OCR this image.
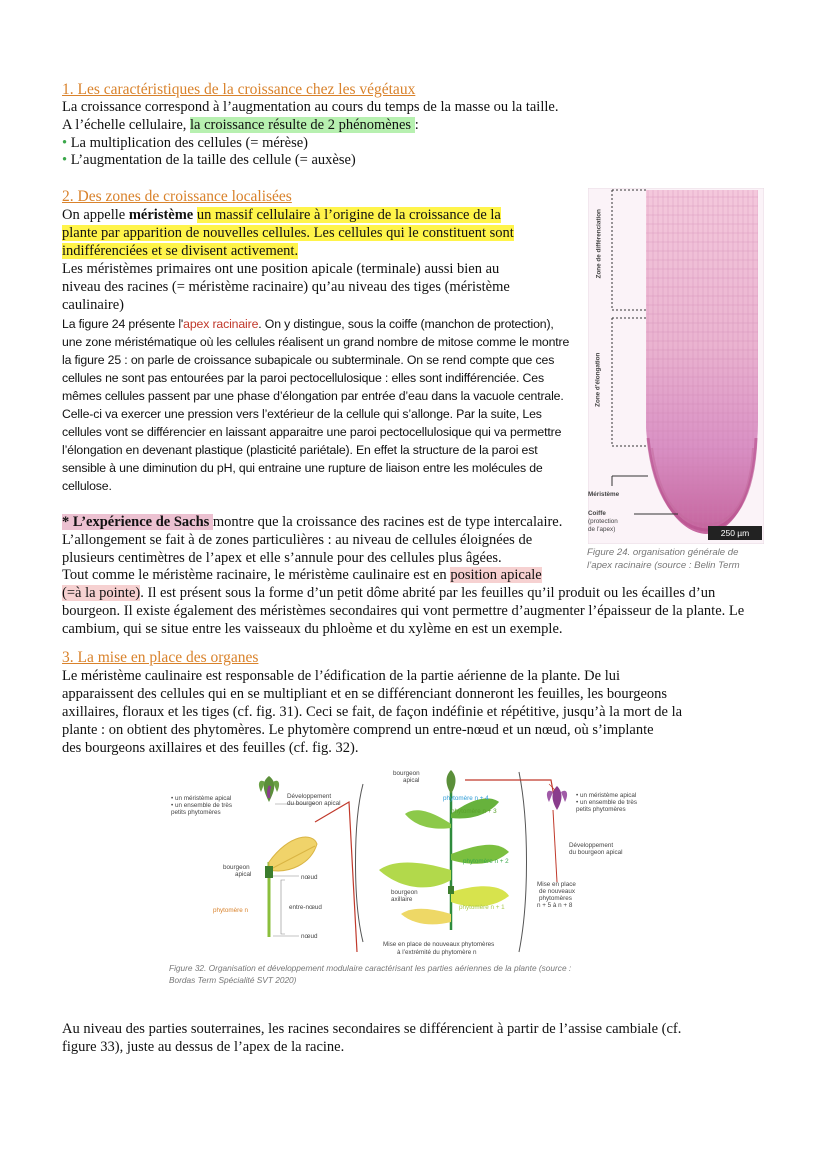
1. Les caractéristiques de la croissance chez les végétaux
La croissance correspond à l’augmentation au cours du temps de la masse ou la taille.
A l’échelle cellulaire, la croissance résulte de 2 phénomènes :
• La multiplication des cellules (= mérèse)
• L’augmentation de la taille des cellule (= auxèse)
2. Des zones de croissance localisées
On appelle méristème un massif cellulaire à l’origine de la croissance de la
plante par apparition de nouvelles cellules. Les cellules qui le constituent sont
indifférenciées et se divisent activement.
Les méristèmes primaires ont une position apicale (terminale) aussi bien au
niveau des racines (= méristème racinaire) qu’au niveau des tiges (méristème
caulinaire)
La figure 24 présente l'apex racinaire. On y distingue, sous la coiffe (manchon de protection),
une zone méristématique où les cellules réalisent un grand nombre de mitose comme le montre
la figure 25 : on parle de croissance subapicale ou subterminale. On se rend compte que ces
cellules ne sont pas entourées par la paroi pectocellulosique : elles sont indifférenciée. Ces
mêmes cellules passent par une phase d’élongation par entrée d’eau dans la vacuole centrale.
Celle-ci va exercer une pression vers l’extérieur de la cellule qui s’allonge. Par la suite, Les
cellules vont se différencier en laissant apparaitre une paroi pectocellulosique qui va permettre
l’élongation en devenant plastique (plasticité pariétale). En effet la structure de la paroi est
sensible à une diminution du pH, qui entraine une rupture de liaison entre les molécules de
cellulose.
* L’expérience de Sachs montre que la croissance des racines est de type intercalaire.
L’allongement se fait à de zones particulières : au niveau de cellules éloignées de
plusieurs centimètres de l’apex et elle s’annule pour des cellules plus âgées.
Tout comme le méristème racinaire, le méristème caulinaire est en position apicale
(=à la pointe). Il est présent sous la forme d’un petit dôme abrité par les feuilles qu’il produit ou les écailles d’un
bourgeon. Il existe également des méristèmes secondaires qui vont permettre d’augmenter l’épaisseur de la plante. Le
cambium, qui se situe entre les vaisseaux du phloème et du xylème en est un exemple.
Zone de différenciation
Zone d’élongation
Méristème
Coiffe
(protection
de l’apex)	250 µm
Figure 24. organisation générale de
l’apex racinaire (source : Belin Term
3. La mise en place des organes
Le méristème caulinaire est responsable de l’édification de la partie aérienne de la plante. De lui
apparaissent des cellules qui en se multipliant et en se différenciant donneront les feuilles, les bourgeons
axillaires, floraux et les tiges (cf. fig. 31). Ceci se fait, de façon indéfinie et répétitive, jusqu’à la mort de la
plante : on obtient des phytomères. Le phytomère comprend un entre-nœud et un nœud, où s’implante
des bourgeons axillaires et des feuilles (cf. fig. 32).
• un méristème apical
• un ensemble de très
petits phytomères
Développement
du bourgeon apical
bourgeon
apical	nœud
entre-nœud
phytomère n
nœud
bourgeon
apical
phytomère n + 4
phytomère n + 3
phytomère n + 2
phytomère n + 1
bourgeon
axillaire
Mise en place de nouveaux phytomères
à l’extrémité du phytomère n
• un méristème apical
• un ensemble de très
petits phytomères
Développement
du bourgeon apical
Mise en place
de nouveaux
phytomères
n + 5 à n + 8
Figure 32. Organisation et développement modulaire caractérisant les parties aériennes de la plante (source :
Bordas Term Spécialité SVT 2020)
Au niveau des parties souterraines, les racines secondaires se différencient à partir de l’assise cambiale (cf.
figure 33), juste au dessus de l’apex de la racine.
